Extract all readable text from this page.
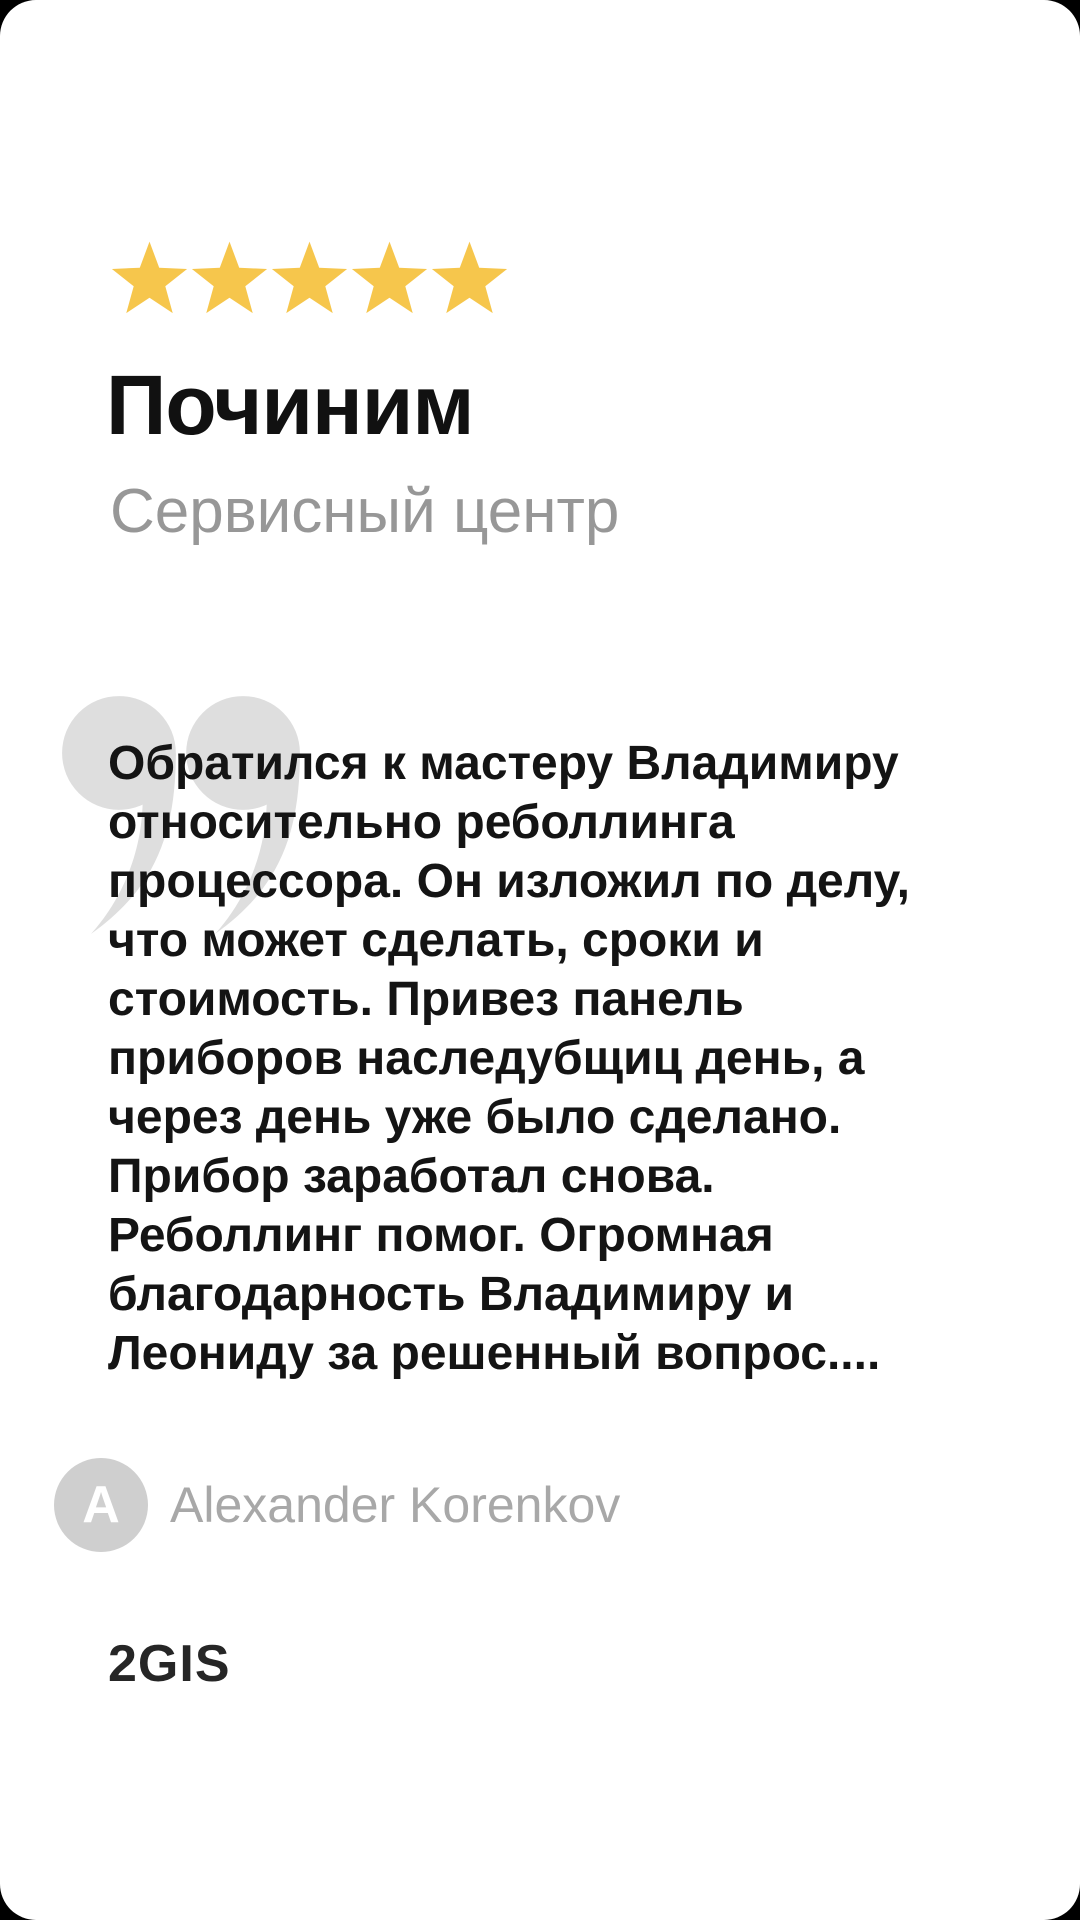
Починим
Сервисный центр
Обратился к мастеру Владимиру
относительно реболлинга
процессора. Он изложил по делу,
что может сделать, сроки и
стоимость. Привез панель
приборов наследубщиц день, а
через день уже было сделано.
Прибор заработал снова.
Реболлинг помог. Огромная
благодарность Владимиру и
Леониду за решенный вопрос....
A Alexander Korenkov
2GIS
